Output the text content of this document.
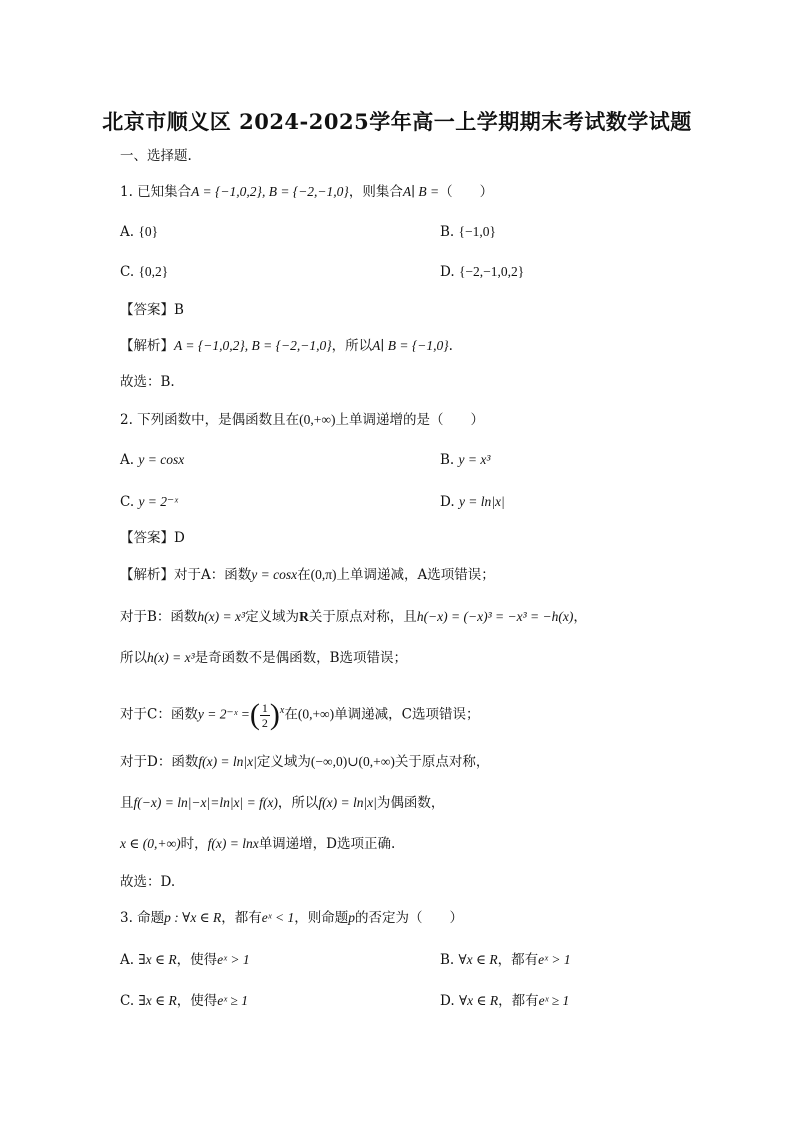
北京市顺义区 2024-2025学年高一上学期期末考试数学试题
一、选择题.
1. 已知集合A = {−1,0,2}, B = {−2,−1,0}，则集合A∣ B =（　　）
A. {0}	B. {−1,0}
C. {0,2}	D. {−2,−1,0,2}
【答案】B
【解析】A = {−1,0,2}, B = {−2,−1,0}，所以A∣ B = {−1,0}.
故选：B.
2. 下列函数中，是偶函数且在(0,+∞)上单调递增的是（　　）
A. y = cosx	B. y = x³
C. y = 2⁻ˣ	D. y = ln|x|
【答案】D
【解析】对于A：函数y = cosx在(0,π)上单调递减，A选项错误；
对于B：函数h(x) = x³定义域为R关于原点对称，且h(−x) = (−x)³ = −x³ = −h(x)，
所以h(x) = x³是奇函数不是偶函数，B选项错误；
对于C：函数y = 2⁻ˣ =( $\frac{1}{2} )^x$在(0,+∞)单调递减，C选项错误；
对于D：函数f(x) = ln|x|定义域为(−∞,0)∪(0,+∞)关于原点对称，
且f(−x) = ln|−x|=ln|x| = f(x)，所以f(x) = ln|x|为偶函数，
x ∈ (0,+∞)时，f(x) = lnx单调递增，D选项正确.
故选：D.
3. 命题p : ∀x ∈ R，都有eˣ < 1，则命题p的否定为（　　）
A. ∃x ∈ R，使得eˣ > 1	B. ∀x ∈ R，都有eˣ > 1
C. ∃x ∈ R，使得eˣ ≥ 1	D. ∀x ∈ R，都有eˣ ≥ 1
